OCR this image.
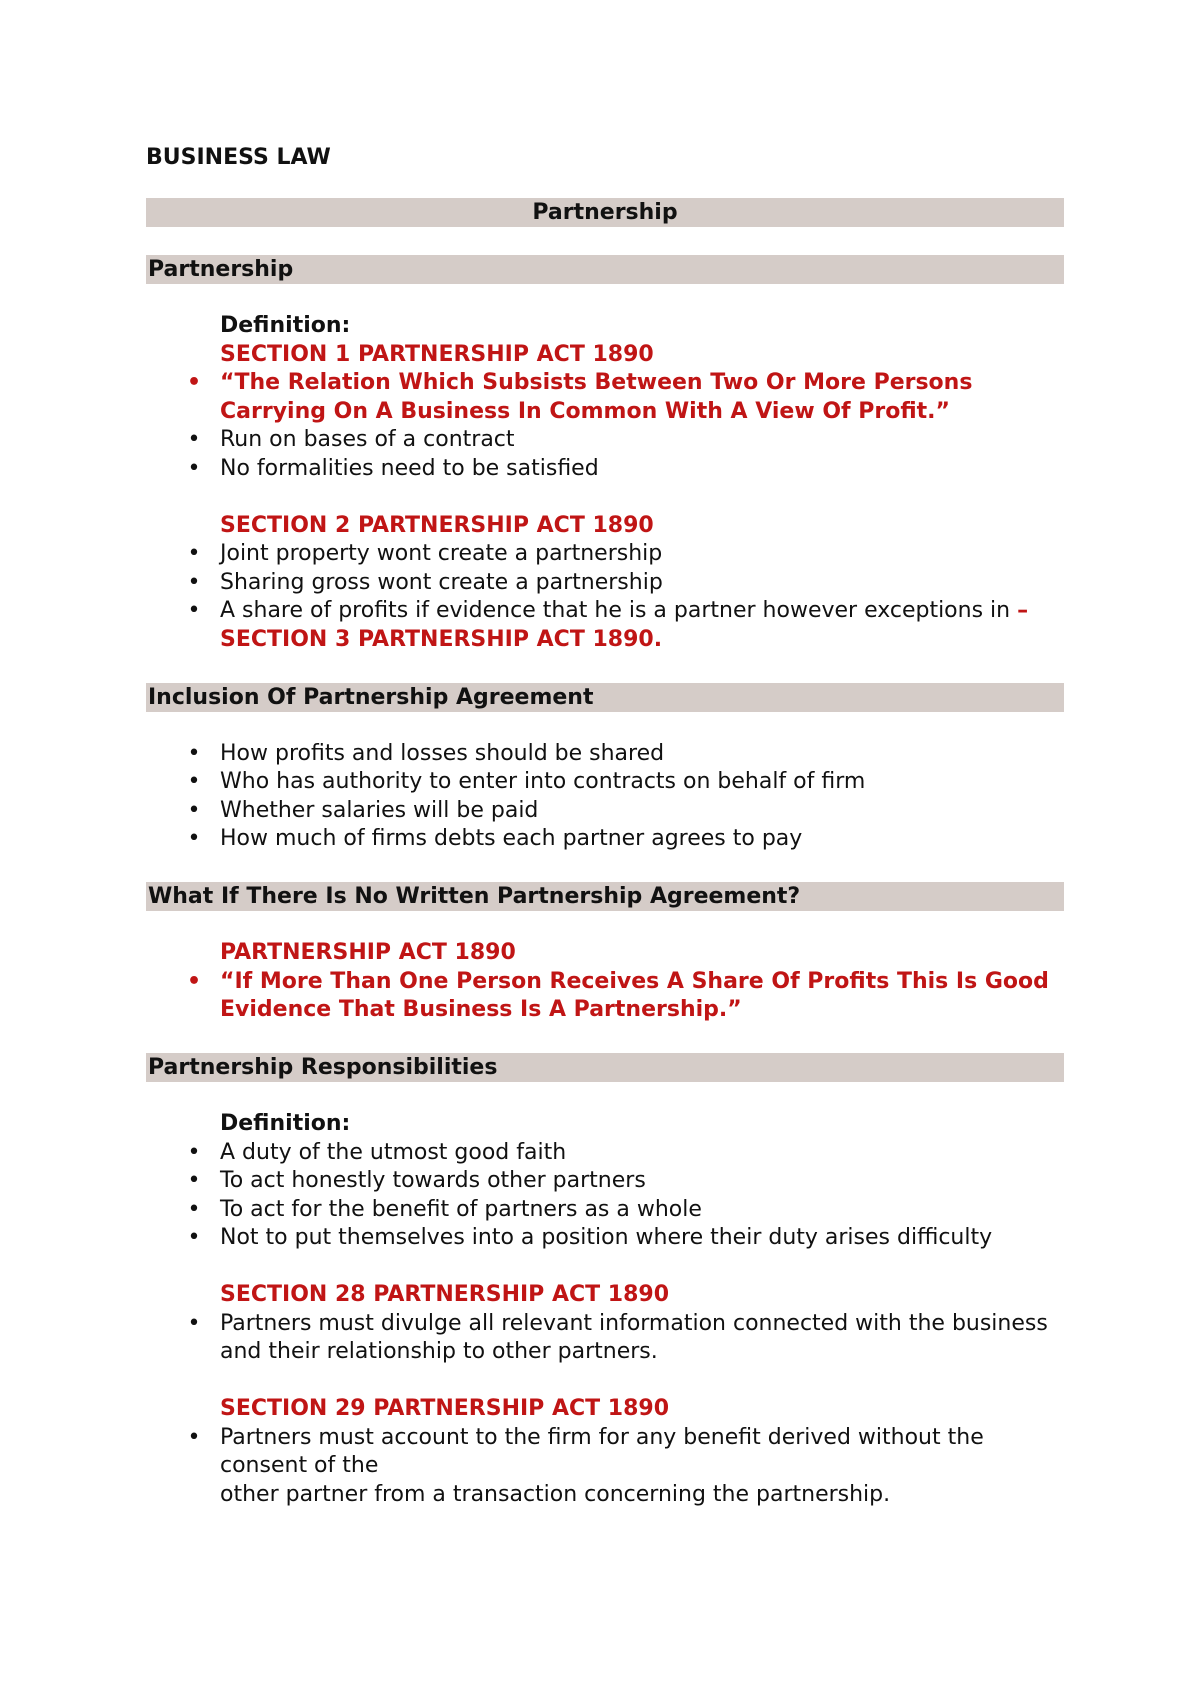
BUSINESS LAW
Partnership
Partnership
Definition:
SECTION 1 PARTNERSHIP ACT 1890
• “The Relation Which Subsists Between Two Or More Persons Carrying On A Business In Common With A View Of Profit.”
• Run on bases of a contract
• No formalities need to be satisfied
SECTION 2 PARTNERSHIP ACT 1890
• Joint property wont create a partnership
• Sharing gross wont create a partnership
• A share of profits if evidence that he is a partner however exceptions in – SECTION 3 PARTNERSHIP ACT 1890.
Inclusion Of Partnership Agreement
• How profits and losses should be shared
• Who has authority to enter into contracts on behalf of firm
• Whether salaries will be paid
• How much of firms debts each partner agrees to pay
What If There Is No Written Partnership Agreement?
PARTNERSHIP ACT 1890
• “If More Than One Person Receives A Share Of Profits This Is Good Evidence That Business Is A Partnership.”
Partnership Responsibilities
Definition:
• A duty of the utmost good faith
• To act honestly towards other partners
• To act for the benefit of partners as a whole
• Not to put themselves into a position where their duty arises difficulty
SECTION 28 PARTNERSHIP ACT 1890
• Partners must divulge all relevant information connected with the business and their relationship to other partners.
SECTION 29 PARTNERSHIP ACT 1890
• Partners must account to the firm for any benefit derived without the consent of the
other partner from a transaction concerning the partnership.
